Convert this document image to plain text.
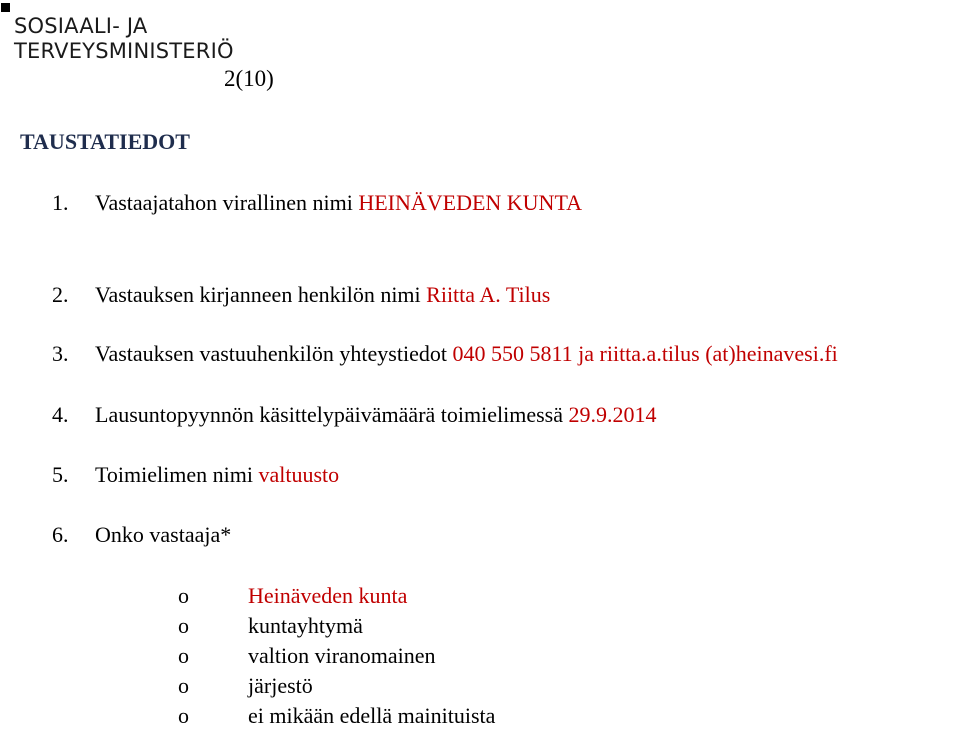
SOSIAALI- JA
TERVEYSMINISTERIÖ
2(10)
TAUSTATIEDOT
1. Vastaajatahon virallinen nimi HEINÄVEDEN KUNTA
2. Vastauksen kirjanneen henkilön nimi Riitta A. Tilus
3. Vastauksen vastuuhenkilön yhteystiedot 040 550 5811 ja riitta.a.tilus (at)heinavesi.fi
4. Lausuntopyynnön käsittelypäivämäärä toimielimessä 29.9.2014
5. Toimielimen nimi valtuusto
6. Onko vastaaja*
o	Heinäveden kunta
o	kuntayhtymä
o	valtion viranomainen
o	järjestö
o	ei mikään edellä mainituista
